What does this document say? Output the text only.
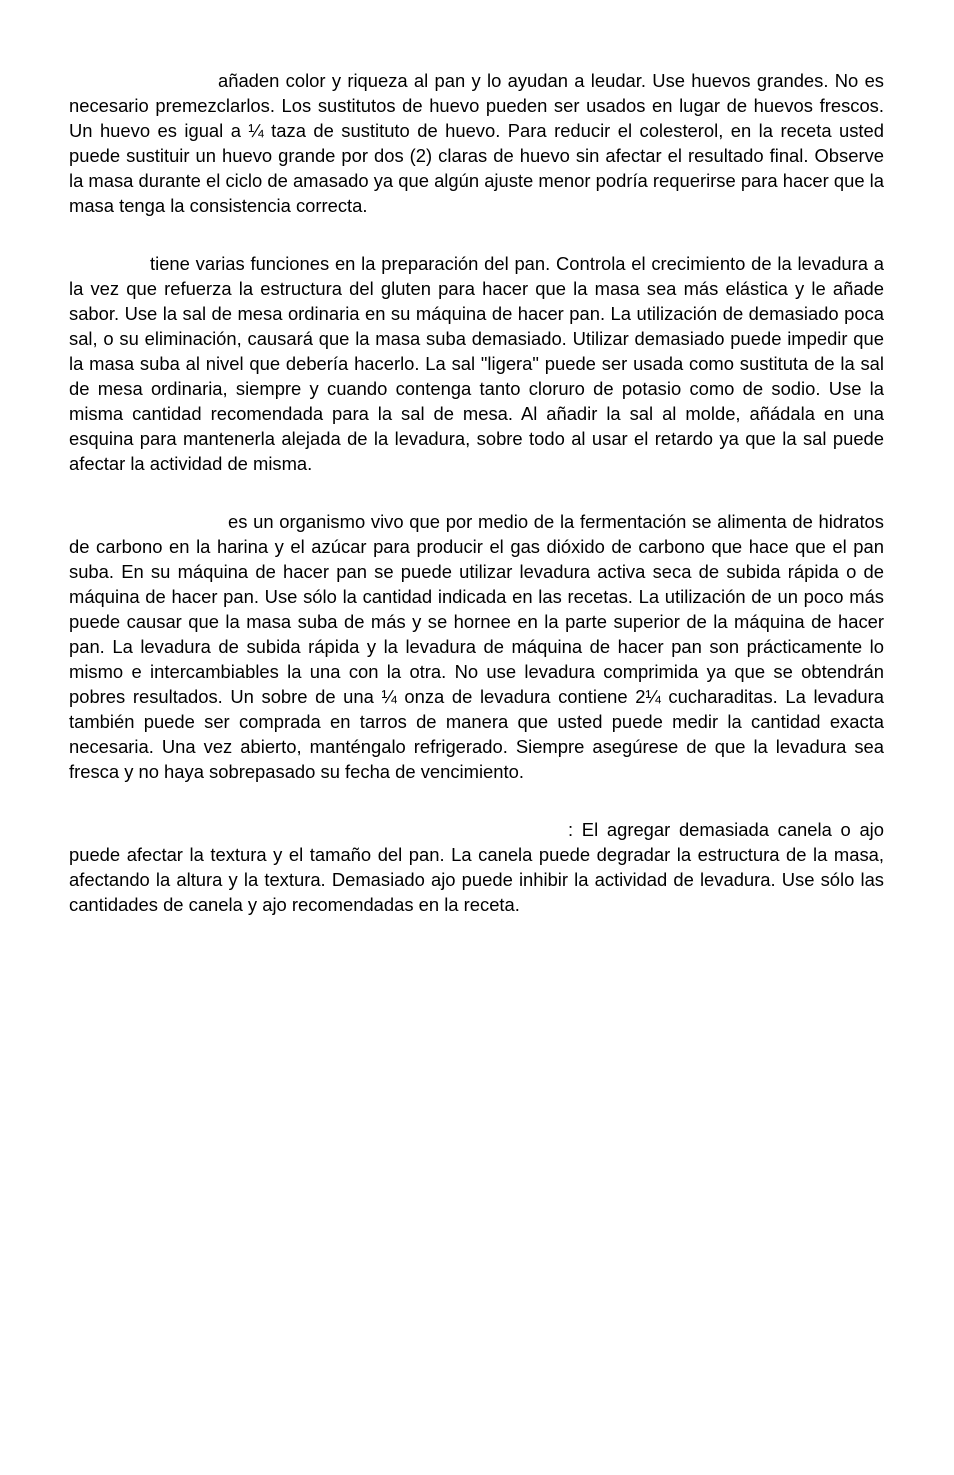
añaden color y riqueza al pan y lo ayudan a leudar. Use huevos grandes. No es necesario premezclarlos. Los sustitutos de huevo pueden ser usados en lugar de huevos frescos. Un huevo es igual a ¼ taza de sustituto de huevo. Para reducir el colesterol, en la receta usted puede sustituir un huevo grande por dos (2) claras de huevo sin afectar el resultado final. Observe la masa durante el ciclo de amasado ya que algún ajuste menor podría requerirse para hacer que la masa tenga la consistencia correcta.

tiene varias funciones en la preparación del pan. Controla el crecimiento de la levadura a la vez que refuerza la estructura del gluten para hacer que la masa sea más elástica y le añade sabor. Use la sal de mesa ordinaria en su máquina de hacer pan. La utilización de demasiado poca sal, o su eliminación, causará que la masa suba demasiado. Utilizar demasiado puede impedir que la masa suba al nivel que debería hacerlo. La sal "ligera" puede ser usada como sustituta de la sal de mesa ordinaria, siempre y cuando contenga tanto cloruro de potasio como de sodio. Use la misma cantidad recomendada para la sal de mesa. Al añadir la sal al molde, añádala en una esquina para mantenerla alejada de la levadura, sobre todo al usar el retardo ya que la sal puede afectar la actividad de misma.

es un organismo vivo que por medio de la fermentación se alimenta de hidratos de carbono en la harina y el azúcar para producir el gas dióxido de carbono que hace que el pan suba. En su máquina de hacer pan se puede utilizar levadura activa seca de subida rápida o de máquina de hacer pan. Use sólo la cantidad indicada en las recetas. La utilización de un poco más puede causar que la masa suba de más y se hornee en la parte superior de la máquina de hacer pan. La levadura de subida rápida y la levadura de máquina de hacer pan son prácticamente lo mismo e intercambiables la una con la otra. No use levadura comprimida ya que se obtendrán pobres resultados. Un sobre de una ¼ onza de levadura contiene 2¼ cucharaditas. La levadura también puede ser comprada en tarros de manera que usted puede medir la cantidad exacta necesaria. Una vez abierto, manténgalo refrigerado. Siempre asegúrese de que la levadura sea fresca y no haya sobrepasado su fecha de vencimiento.

: El agregar demasiada canela o ajo puede afectar la textura y el tamaño del pan. La canela puede degradar la estructura de la masa, afectando la altura y la textura. Demasiado ajo puede inhibir la actividad de levadura. Use sólo las cantidades de canela y ajo recomendadas en la receta.
